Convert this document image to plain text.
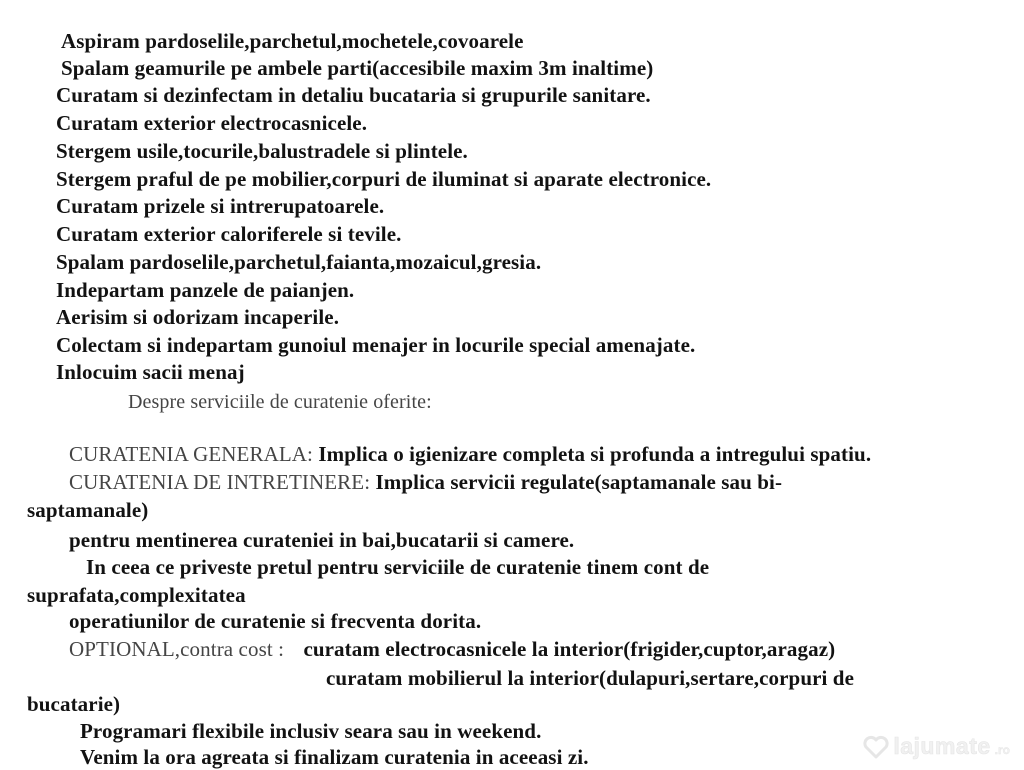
Aspiram pardoselile,parchetul,mochetele,covoarele
Spalam geamurile pe ambele parti(accesibile maxim 3m inaltime)
Curatam si dezinfectam in detaliu bucataria si grupurile sanitare.
Curatam exterior electrocasnicele.
Stergem usile,tocurile,balustradele si plintele.
Stergem praful de pe mobilier,corpuri de iluminat si aparate electronice.
Curatam prizele si intrerupatoarele.
Curatam exterior caloriferele si tevile.
Spalam pardoselile,parchetul,faianta,mozaicul,gresia.
Indepartam panzele de paianjen.
Aerisim si odorizam incaperile.
Colectam si indepartam gunoiul menajer in locurile special amenajate.
Inlocuim sacii menaj
Despre serviciile de curatenie oferite:
CURATENIA GENERALA: Implica o igienizare completa si profunda a intregului spatiu.
CURATENIA DE INTRETINERE: Implica servicii regulate(saptamanale sau bi-
saptamanale)
pentru mentinerea curateniei in bai,bucatarii si camere.
In ceea ce priveste pretul pentru serviciile de curatenie tinem cont de
suprafata,complexitatea
operatiunilor de curatenie si frecventa dorita.
OPTIONAL,contra cost : curatam electrocasnicele la interior(frigider,cuptor,aragaz)
curatam mobilierul la interior(dulapuri,sertare,corpuri de
bucatarie)
Programari flexibile inclusiv seara sau in weekend.
Venim la ora agreata si finalizam curatenia in aceeasi zi.	lajumate .ro
